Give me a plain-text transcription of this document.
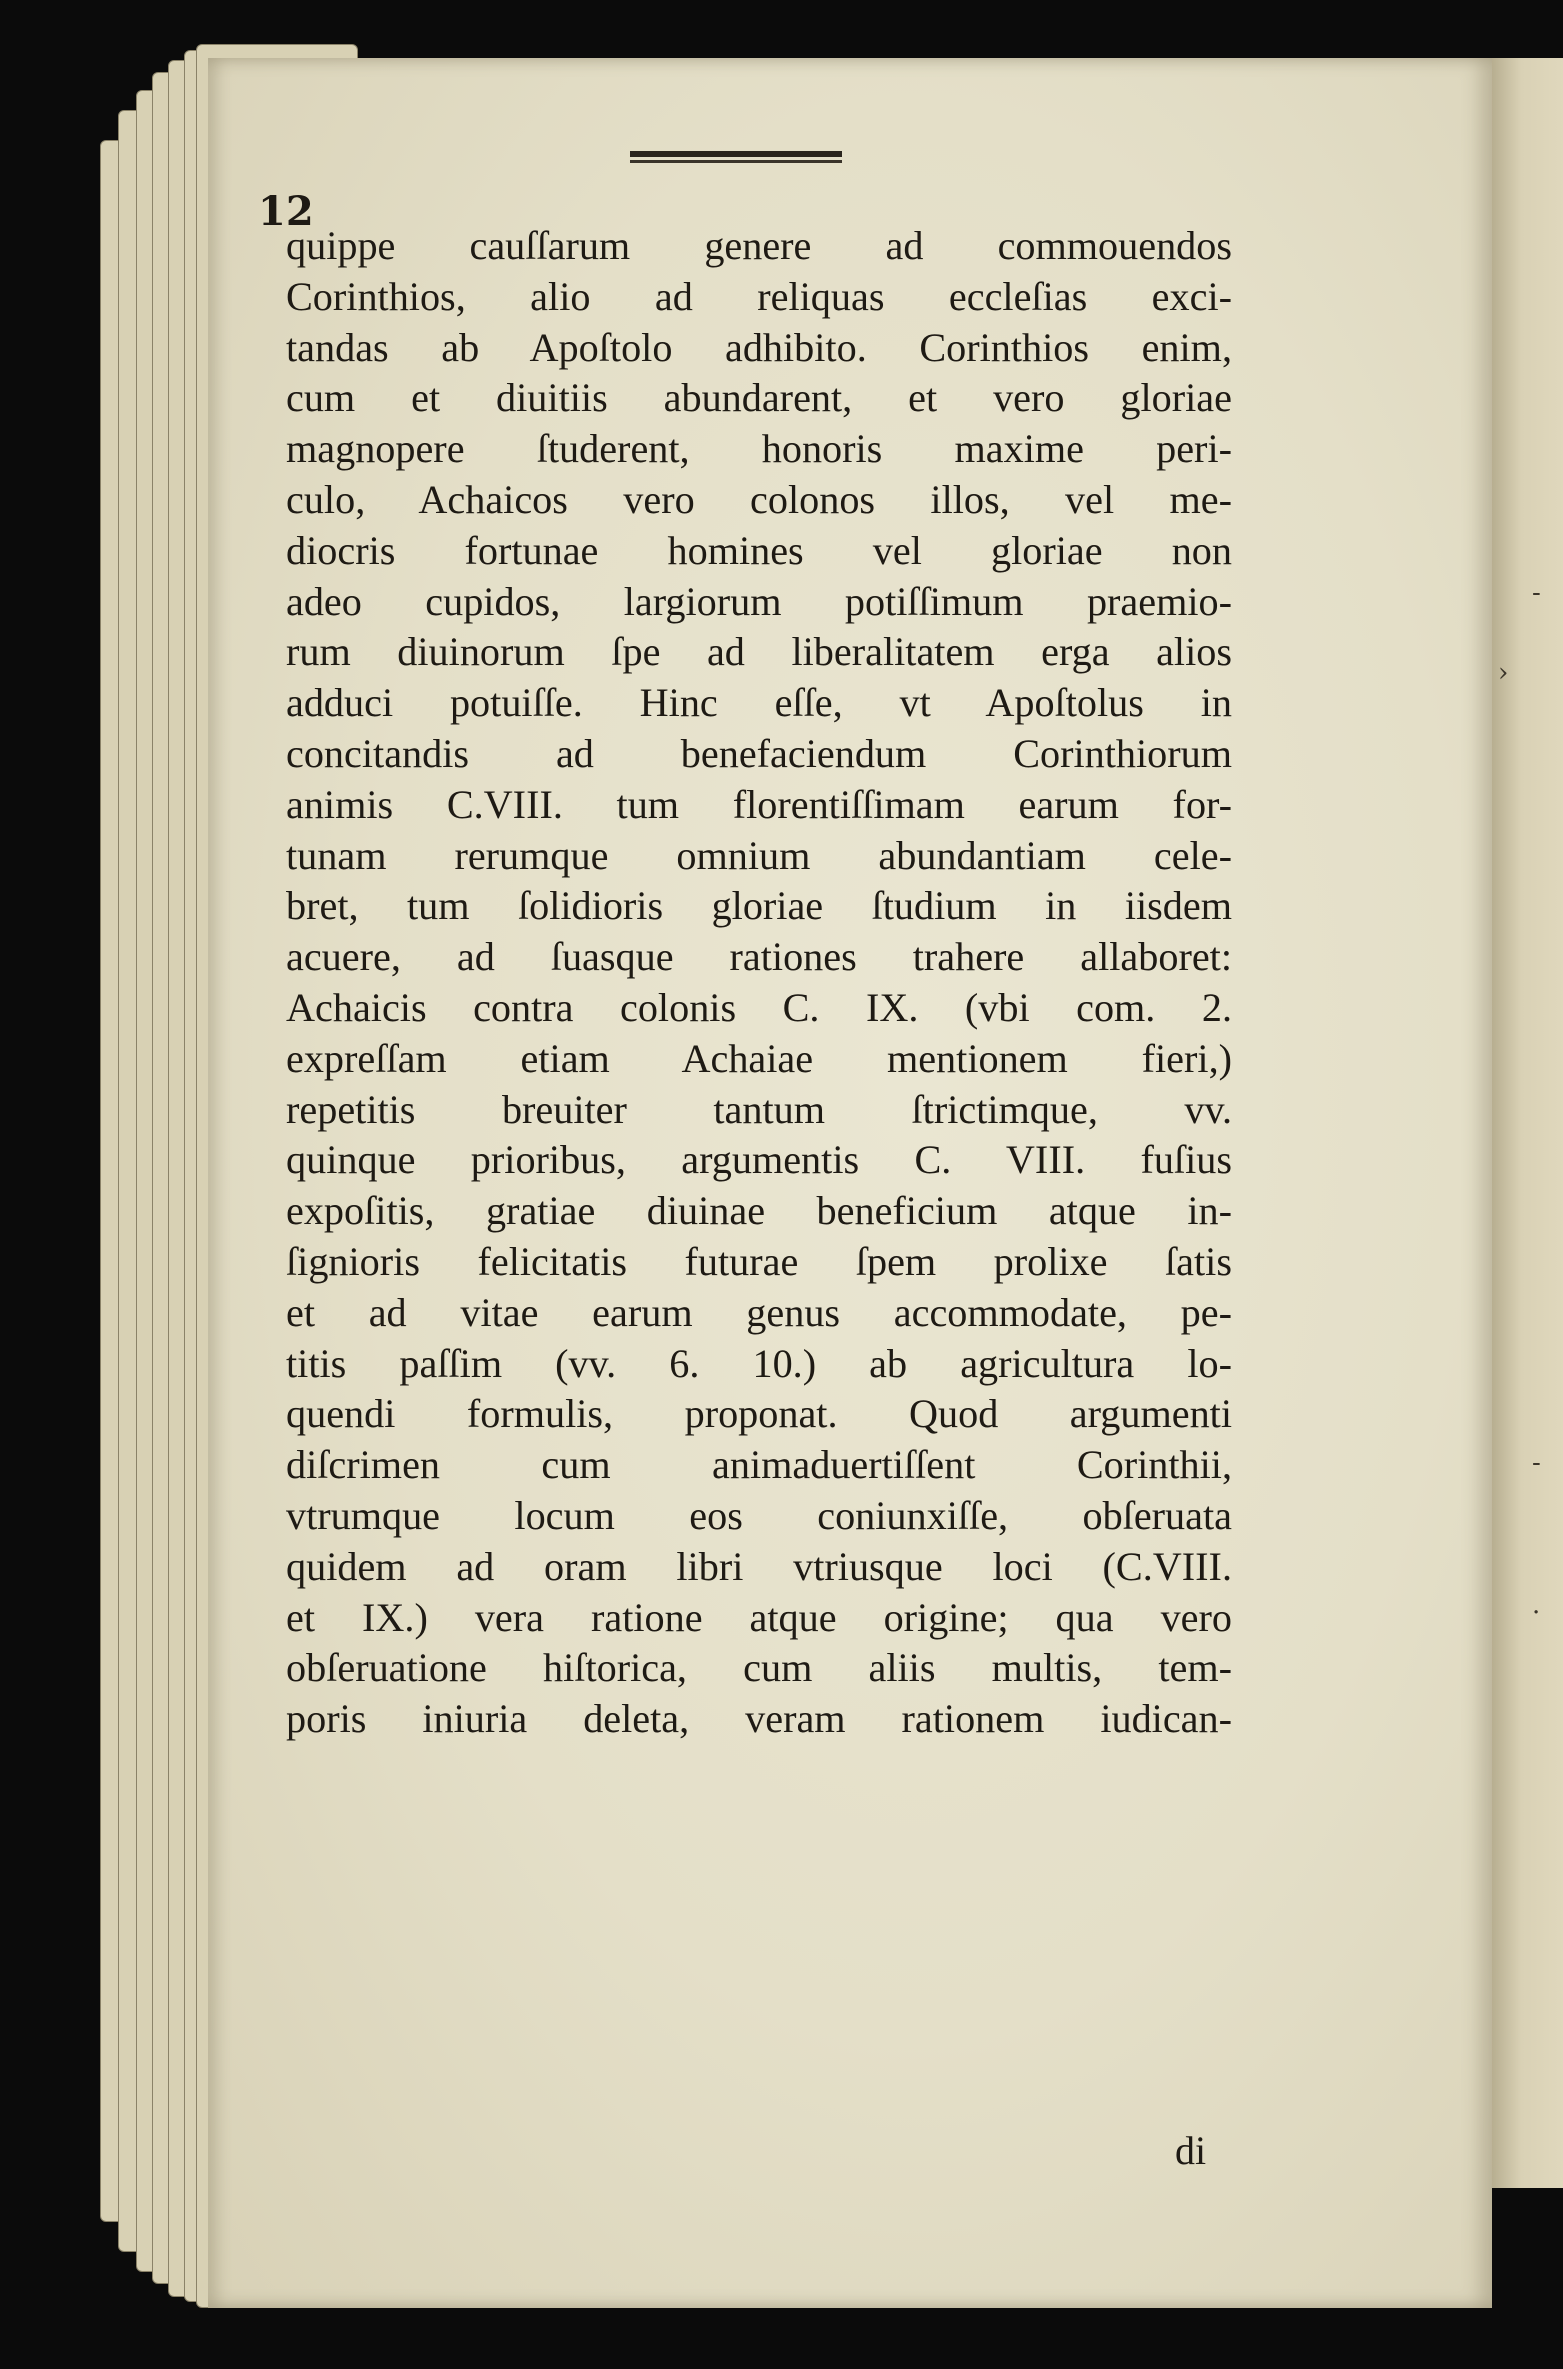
›
-
-
·

12

quippe cauſſarum genere ad commouendos
Corinthios, alio ad reliquas eccleſias exci-
tandas ab Apoſtolo adhibito. Corinthios enim,
cum et diuitiis abundarent, et vero gloriae
magnopere ſtuderent, honoris maxime peri-
culo, Achaicos vero colonos illos, vel me-
diocris fortunae homines vel gloriae non
adeo cupidos, largiorum potiſſimum praemio-
rum diuinorum ſpe ad liberalitatem erga alios
adduci potuiſſe. Hinc eſſe, vt Apoſtolus in
concitandis ad benefaciendum Corinthiorum
animis C.VIII. tum florentiſſimam earum for-
tunam rerumque omnium abundantiam cele-
bret, tum ſolidioris gloriae ſtudium in iisdem
acuere, ad ſuasque rationes trahere allaboret:
Achaicis contra colonis C. IX. (vbi com. 2.
expreſſam etiam Achaiae mentionem fieri,)
repetitis breuiter tantum ſtrictimque, vv.
quinque prioribus, argumentis C. VIII. fuſius
expoſitis, gratiae diuinae beneficium atque in-
ſignioris felicitatis futurae ſpem prolixe ſatis
et ad vitae earum genus accommodate, pe-
titis paſſim (vv. 6. 10.) ab agricultura lo-
quendi formulis, proponat. Quod argumenti
diſcrimen cum animaduertiſſent Corinthii,
vtrumque locum eos coniunxiſſe, obſeruata
quidem ad oram libri vtriusque loci (C.VIII.
et IX.) vera ratione atque origine; qua vero
obſeruatione hiſtorica, cum aliis multis, tem-
poris iniuria deleta, veram rationem iudican-

di
